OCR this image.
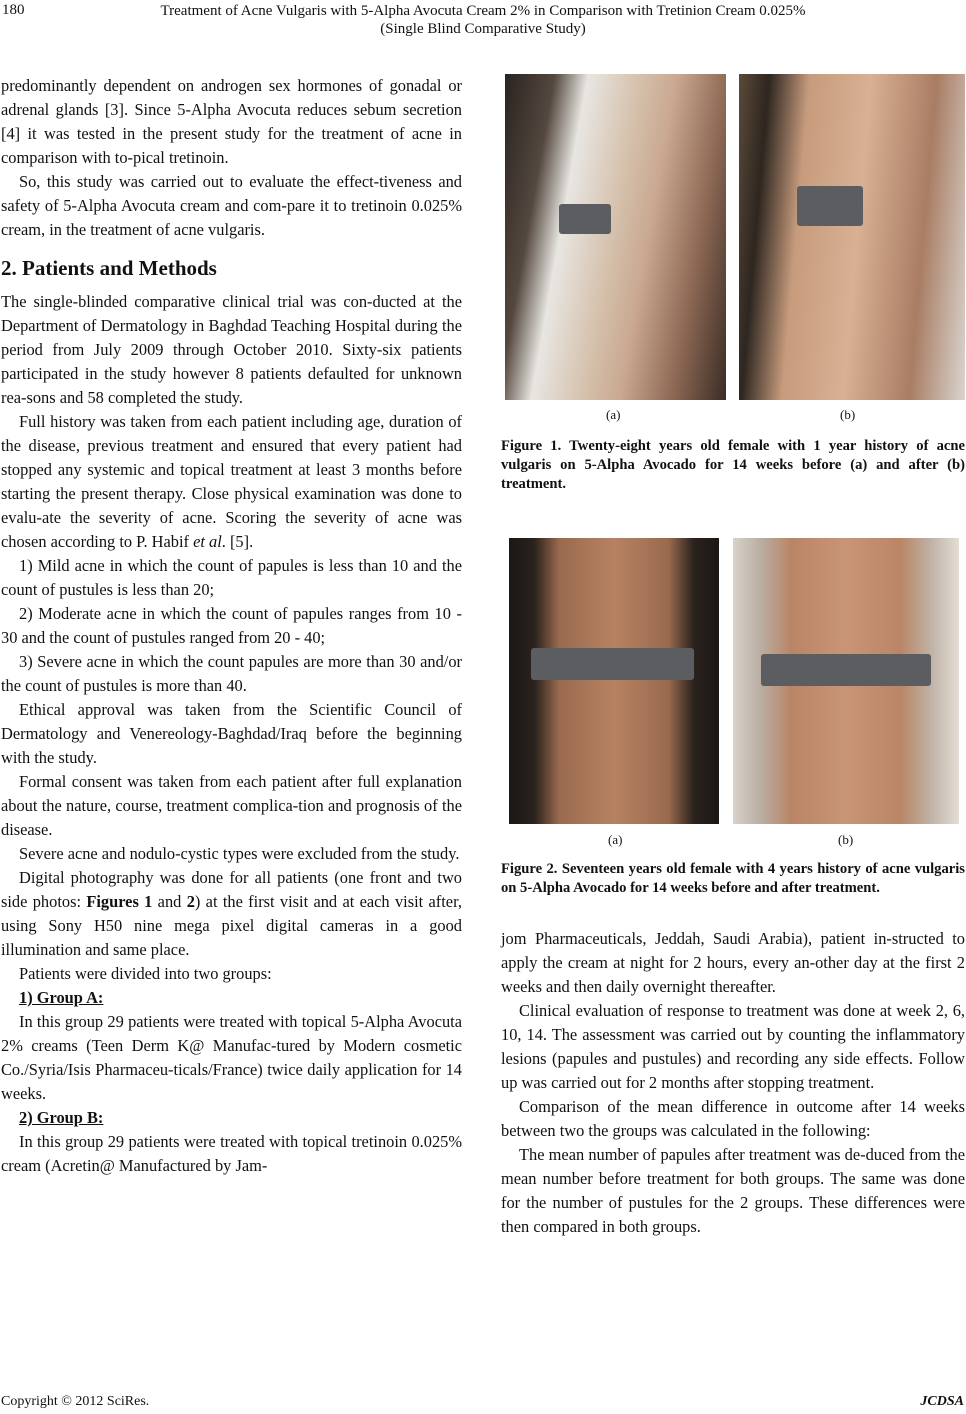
180	Treatment of Acne Vulgaris with 5-Alpha Avocuta Cream 2% in Comparison with Tretinion Cream 0.025%
(Single Blind Comparative Study)

predominantly dependent on androgen sex hormones of gonadal or adrenal glands [3]. Since 5-Alpha Avocuta reduces sebum secretion [4] it was tested in the present study for the treatment of acne in comparison with to-pical tretinoin.

So, this study was carried out to evaluate the effect-tiveness and safety of 5-Alpha Avocuta cream and com-pare it to tretinoin 0.025% cream, in the treatment of acne vulgaris.

2. Patients and Methods

The single-blinded comparative clinical trial was con-ducted at the Department of Dermatology in Baghdad Teaching Hospital during the period from July 2009 through October 2010. Sixty-six patients participated in the study however 8 patients defaulted for unknown rea-sons and 58 completed the study.

Full history was taken from each patient including age, duration of the disease, previous treatment and ensured that every patient had stopped any systemic and topical treatment at least 3 months before starting the present therapy. Close physical examination was done to evalu-ate the severity of acne. Scoring the severity of acne was chosen according to P. Habif et al. [5].

1) Mild acne in which the count of papules is less than 10 and the count of pustules is less than 20;

2) Moderate acne in which the count of papules ranges from 10 - 30 and the count of pustules ranged from 20 - 40;

3) Severe acne in which the count papules are more than 30 and/or the count of pustules is more than 40.

Ethical approval was taken from the Scientific Council of Dermatology and Venereology-Baghdad/Iraq before the beginning with the study.

Formal consent was taken from each patient after full explanation about the nature, course, treatment complica-tion and prognosis of the disease.

Severe acne and nodulo-cystic types were excluded from the study.

Digital photography was done for all patients (one front and two side photos: Figures 1 and 2) at the first visit and at each visit after, using Sony H50 nine mega pixel digital cameras in a good illumination and same place.

Patients were divided into two groups:

1) Group A:

In this group 29 patients were treated with topical 5-Alpha Avocuta 2% creams (Teen Derm K@ Manufac-tured by Modern cosmetic Co./Syria/Isis Pharmaceu-ticals/France) twice daily application for 14 weeks.

2) Group B:

In this group 29 patients were treated with topical tretinoin 0.025% cream (Acretin@ Manufactured by Jam-

(a)	(b)

Figure 1. Twenty-eight years old female with 1 year history of acne vulgaris on 5-Alpha Avocado for 14 weeks before (a) and after (b) treatment.

(a)	(b)

Figure 2. Seventeen years old female with 4 years history of acne vulgaris on 5-Alpha Avocado for 14 weeks before and after treatment.

jom Pharmaceuticals, Jeddah, Saudi Arabia), patient in-structed to apply the cream at night for 2 hours, every an-other day at the first 2 weeks and then daily overnight thereafter.

Clinical evaluation of response to treatment was done at week 2, 6, 10, 14. The assessment was carried out by counting the inflammatory lesions (papules and pustules) and recording any side effects. Follow up was carried out for 2 months after stopping treatment.

Comparison of the mean difference in outcome after 14 weeks between two the groups was calculated in the following:

The mean number of papules after treatment was de-duced from the mean number before treatment for both groups. The same was done for the number of pustules for the 2 groups. These differences were then compared in both groups.

Copyright © 2012 SciRes.	JCDSA
